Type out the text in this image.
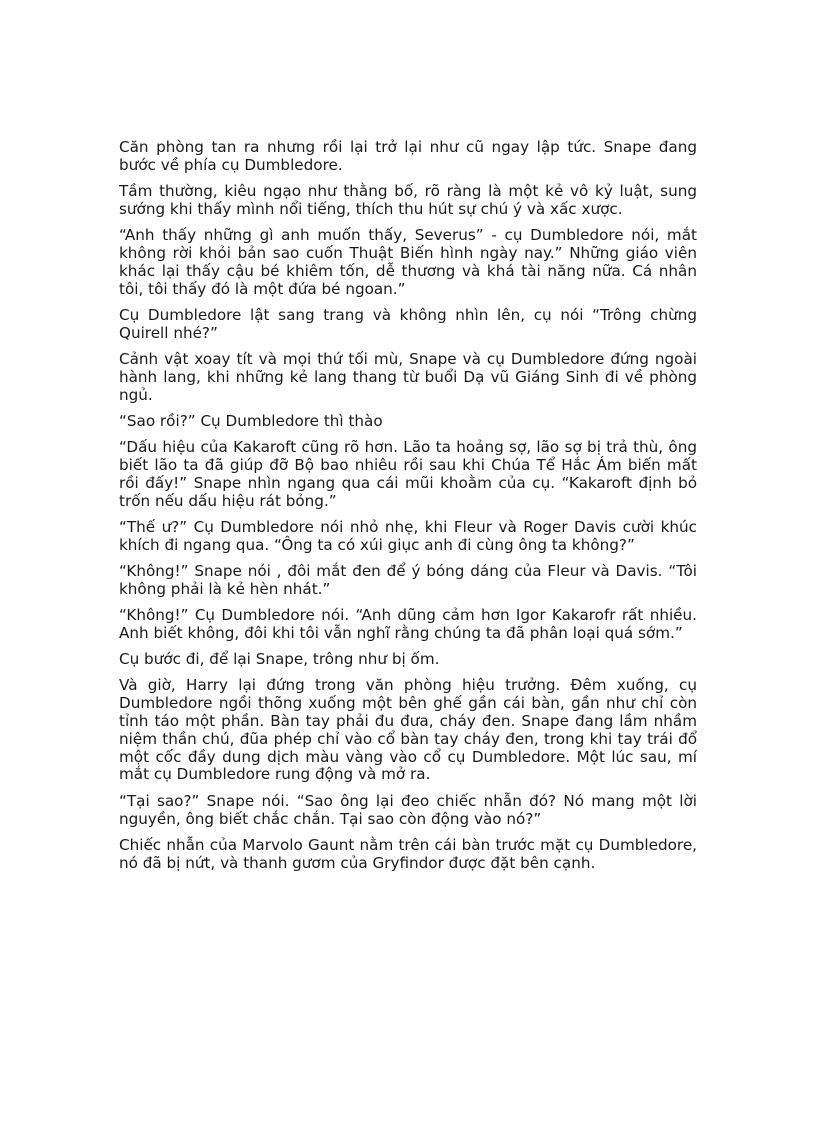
Căn phòng tan ra nhưng rồi lại trở lại như cũ ngay lập tức. Snape đang bước về phía cụ Dumbledore.

Tầm thường, kiêu ngạo như thằng bố, rõ ràng là một kẻ vô kỷ luật, sung sướng khi thấy mình nổi tiếng, thích thu hút sự chú ý và xấc xược.

“Anh thấy những gì anh muốn thấy, Severus” - cụ Dumbledore nói, mắt không rời khỏi bản sao cuốn Thuật Biến hình ngày nay.” Những giáo viên khác lại thấy cậu bé khiêm tốn, dễ thương và khá tài năng nữa. Cá nhân tôi, tôi thấy đó là một đứa bé ngoan.”

Cụ Dumbledore lật sang trang và không nhìn lên, cụ nói “Trông chừng Quirell nhé?”

Cảnh vật xoay tít và mọi thứ tối mù, Snape và cụ Dumbledore đứng ngoài hành lang, khi những kẻ lang thang từ buổi Dạ vũ Giáng Sinh đi về phòng ngủ.

“Sao rồi?” Cụ Dumbledore thì thào

“Dấu hiệu của Kakaroft cũng rõ hơn. Lão ta hoảng sợ, lão sợ bị trả thù, ông biết lão ta đã giúp đỡ Bộ bao nhiêu rồi sau khi Chúa Tể Hắc Ám biến mất rồi đấy!” Snape nhìn ngang qua cái mũi khoằm của cụ. “Kakaroft định bỏ trốn nếu dấu hiệu rát bỏng.”

“Thế ư?” Cụ Dumbledore nói nhỏ nhẹ, khi Fleur và Roger Davis cười khúc khích đi ngang qua. “Ông ta có xúi giục anh đi cùng ông ta không?”

“Không!” Snape nói , đôi mắt đen để ý bóng dáng của Fleur và Davis. “Tôi không phải là kẻ hèn nhát.”

“Không!” Cụ Dumbledore nói. “Anh dũng cảm hơn Igor Kakarofr rất nhiều. Anh biết không, đôi khi tôi vẫn nghĩ rằng chúng ta đã phân loại quá sớm.”

Cụ bước đi, để lại Snape, trông như bị ốm.

Và giờ, Harry lại đứng trong văn phòng hiệu trưởng. Đêm xuống, cụ Dumbledore ngồi thõng xuống một bên ghế gần cái bàn, gần như chỉ còn tỉnh táo một phần. Bàn tay phải đu đưa, cháy đen. Snape đang lầm nhầm niệm thần chú, đũa phép chỉ vào cổ bàn tay cháy đen, trong khi tay trái đổ một cốc đầy dung dịch màu vàng vào cổ cụ Dumbledore. Một lúc sau, mí mắt cụ Dumbledore rung động và mở ra.

“Tại sao?” Snape nói. “Sao ông lại đeo chiếc nhẫn đó? Nó mang một lời nguyền, ông biết chắc chắn. Tại sao còn động vào nó?”

Chiếc nhẫn của Marvolo Gaunt nằm trên cái bàn trước mặt cụ Dumbledore, nó đã bị nứt, và thanh gươm của Gryfindor được đặt bên cạnh.
